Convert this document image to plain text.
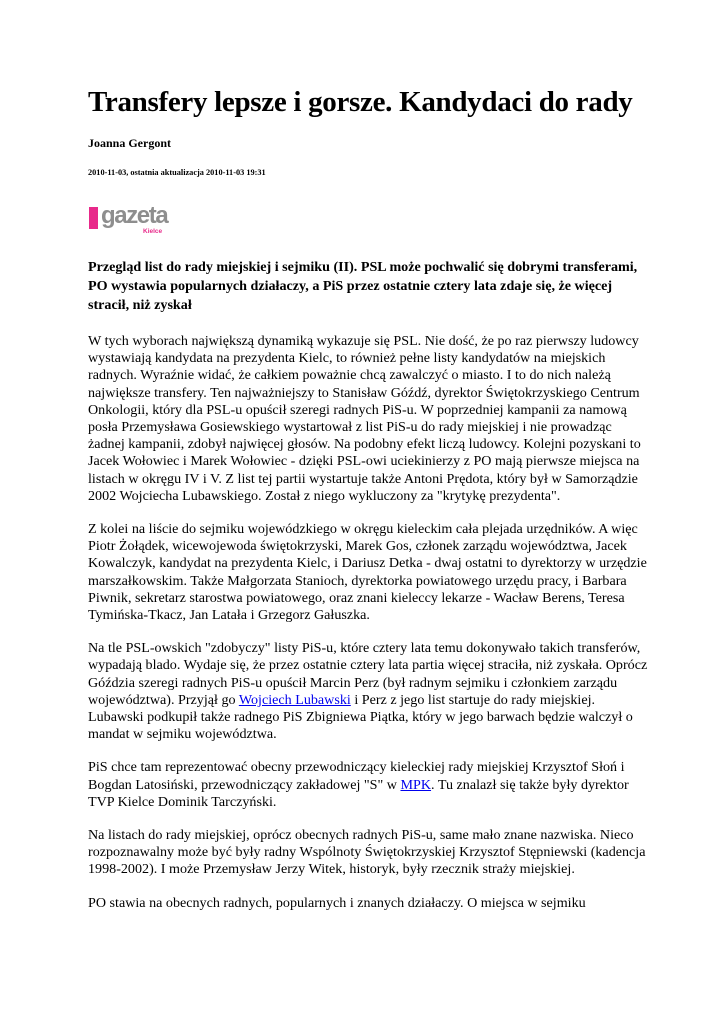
Transfery lepsze i gorsze. Kandydaci do rady
Joanna Gergont
2010-11-03, ostatnia aktualizacja 2010-11-03 19:31
gazeta
Kielce

Przegląd list do rady miejskiej i sejmiku (II). PSL może pochwalić się dobrymi transferami, PO wystawia popularnych działaczy, a PiS przez ostatnie cztery lata zdaje się, że więcej stracił, niż zyskał

W tych wyborach największą dynamiką wykazuje się PSL. Nie dość, że po raz pierwszy ludowcy wystawiają kandydata na prezydenta Kielc, to również pełne listy kandydatów na miejskich radnych. Wyraźnie widać, że całkiem poważnie chcą zawalczyć o miasto. I to do nich należą największe transfery. Ten najważniejszy to Stanisław Góźdź, dyrektor Świętokrzyskiego Centrum Onkologii, który dla PSL-u opuścił szeregi radnych PiS-u. W poprzedniej kampanii za namową posła Przemysława Gosiewskiego wystartował z list PiS-u do rady miejskiej i nie prowadząc żadnej kampanii, zdobył najwięcej głosów. Na podobny efekt liczą ludowcy. Kolejni pozyskani to Jacek Wołowiec i Marek Wołowiec - dzięki PSL-owi uciekinierzy z PO mają pierwsze miejsca na listach w okręgu IV i V. Z list tej partii wystartuje także Antoni Prędota, który był w Samorządzie 2002 Wojciecha Lubawskiego. Został z niego wykluczony za "krytykę prezydenta".

Z kolei na liście do sejmiku wojewódzkiego w okręgu kieleckim cała plejada urzędników. A więc Piotr Żołądek, wicewojewoda świętokrzyski, Marek Gos, członek zarządu województwa, Jacek Kowalczyk, kandydat na prezydenta Kielc, i Dariusz Detka - dwaj ostatni to dyrektorzy w urzędzie marszałkowskim. Także Małgorzata Stanioch, dyrektorka powiatowego urzędu pracy, i Barbara Piwnik, sekretarz starostwa powiatowego, oraz znani kieleccy lekarze - Wacław Berens, Teresa Tymińska-Tkacz, Jan Latała i Grzegorz Gałuszka.

Na tle PSL-owskich "zdobyczy" listy PiS-u, które cztery lata temu dokonywało takich transferów, wypadają blado. Wydaje się, że przez ostatnie cztery lata partia więcej straciła, niż zyskała. Oprócz Góździa szeregi radnych PiS-u opuścił Marcin Perz (był radnym sejmiku i członkiem zarządu województwa). Przyjął go Wojciech Lubawski i Perz z jego list startuje do rady miejskiej. Lubawski podkupił także radnego PiS Zbigniewa Piątka, który w jego barwach będzie walczył o mandat w sejmiku województwa.

PiS chce tam reprezentować obecny przewodniczący kieleckiej rady miejskiej Krzysztof Słoń i Bogdan Latosiński, przewodniczący zakładowej "S" w MPK. Tu znalazł się także były dyrektor TVP Kielce Dominik Tarczyński.

Na listach do rady miejskiej, oprócz obecnych radnych PiS-u, same mało znane nazwiska. Nieco rozpoznawalny może być były radny Wspólnoty Świętokrzyskiej Krzysztof Stępniewski (kadencja 1998-2002). I może Przemysław Jerzy Witek, historyk, były rzecznik straży miejskiej.

PO stawia na obecnych radnych, popularnych i znanych działaczy. O miejsca w sejmiku
